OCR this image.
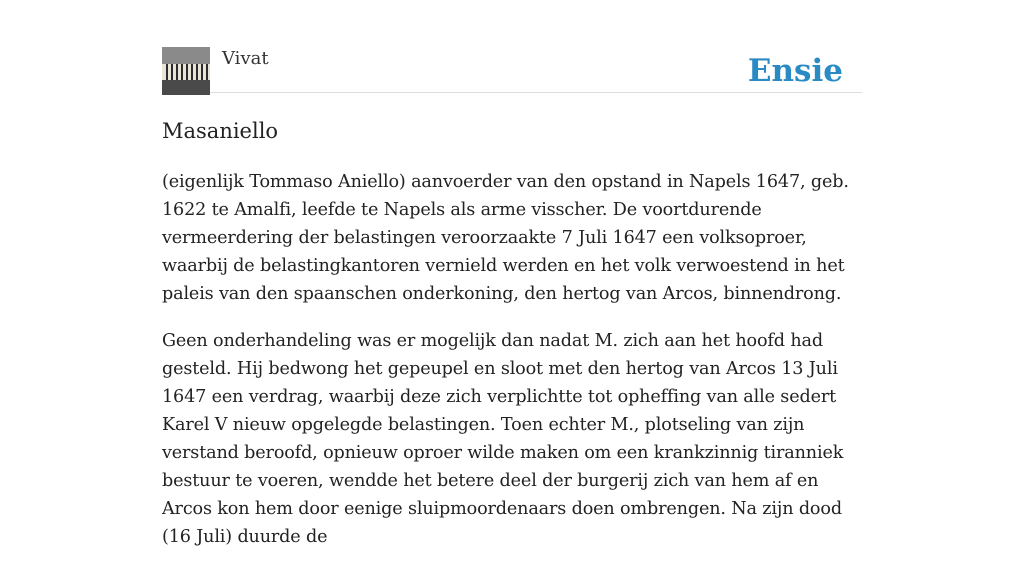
Vivat	Ensie
Masaniello

(eigenlijk Tommaso Aniello) aanvoerder van den opstand in Napels 1647, geb. 1622 te Amalfi, leefde te Napels als arme visscher. De voortdurende vermeerdering der belastingen veroorzaakte 7 Juli 1647 een volksoproer, waarbij de belastingkantoren vernield werden en het volk verwoestend in het paleis van den spaanschen onderkoning, den hertog van Arcos, binnendrong.

Geen onderhandeling was er mogelijk dan nadat M. zich aan het hoofd had gesteld. Hij bedwong het gepeupel en sloot met den hertog van Arcos 13 Juli 1647 een verdrag, waarbij deze zich verplichtte tot opheffing van alle sedert Karel V nieuw opgelegde belastingen. Toen echter M., plotseling van zijn verstand beroofd, opnieuw oproer wilde maken om een krankzinnig tiranniek bestuur te voeren, wendde het betere deel der burgerij zich van hem af en Arcos kon hem door eenige sluipmoordenaars doen ombrengen. Na zijn dood (16 Juli) duurde de
